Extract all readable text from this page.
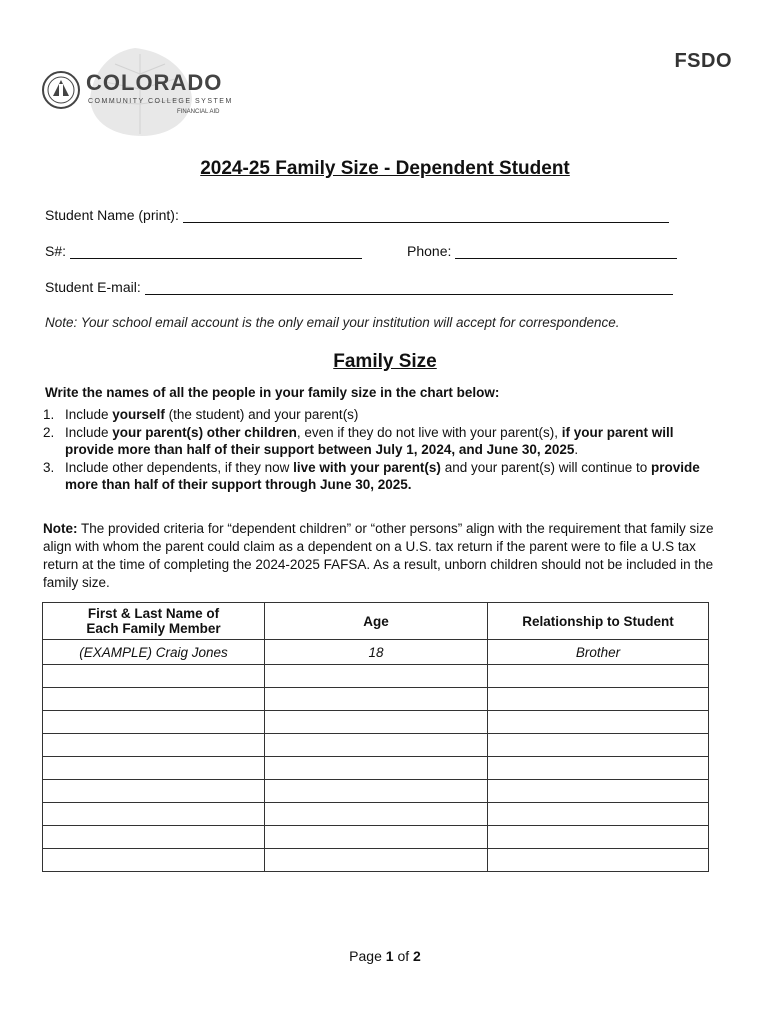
COLORADO
COMMUNITY COLLEGE SYSTEM
FINANCIAL AID
FSDO
2024-25 Family Size - Dependent Student
Student Name (print):
S#:	Phone:
Student E-mail:
Note: Your school email account is the only email your institution will accept for correspondence.
Family Size
Write the names of all the people in your family size in the chart below:
1. Include yourself (the student) and your parent(s)
2. Include your parent(s) other children, even if they do not live with your parent(s), if your parent will provide more than half of their support between July 1, 2024, and June 30, 2025.
3. Include other dependents, if they now live with your parent(s) and your parent(s) will continue to provide more than half of their support through June 30, 2025.
Note: The provided criteria for “dependent children” or “other persons” align with the requirement that family size align with whom the parent could claim as a dependent on a U.S. tax return if the parent were to file a U.S tax return at the time of completing the 2024-2025 FAFSA. As a result, unborn children should not be included in the family size.
First & Last Name of Each Family Member	Age	Relationship to Student
(EXAMPLE) Craig Jones	18	Brother

Page 1 of 2
